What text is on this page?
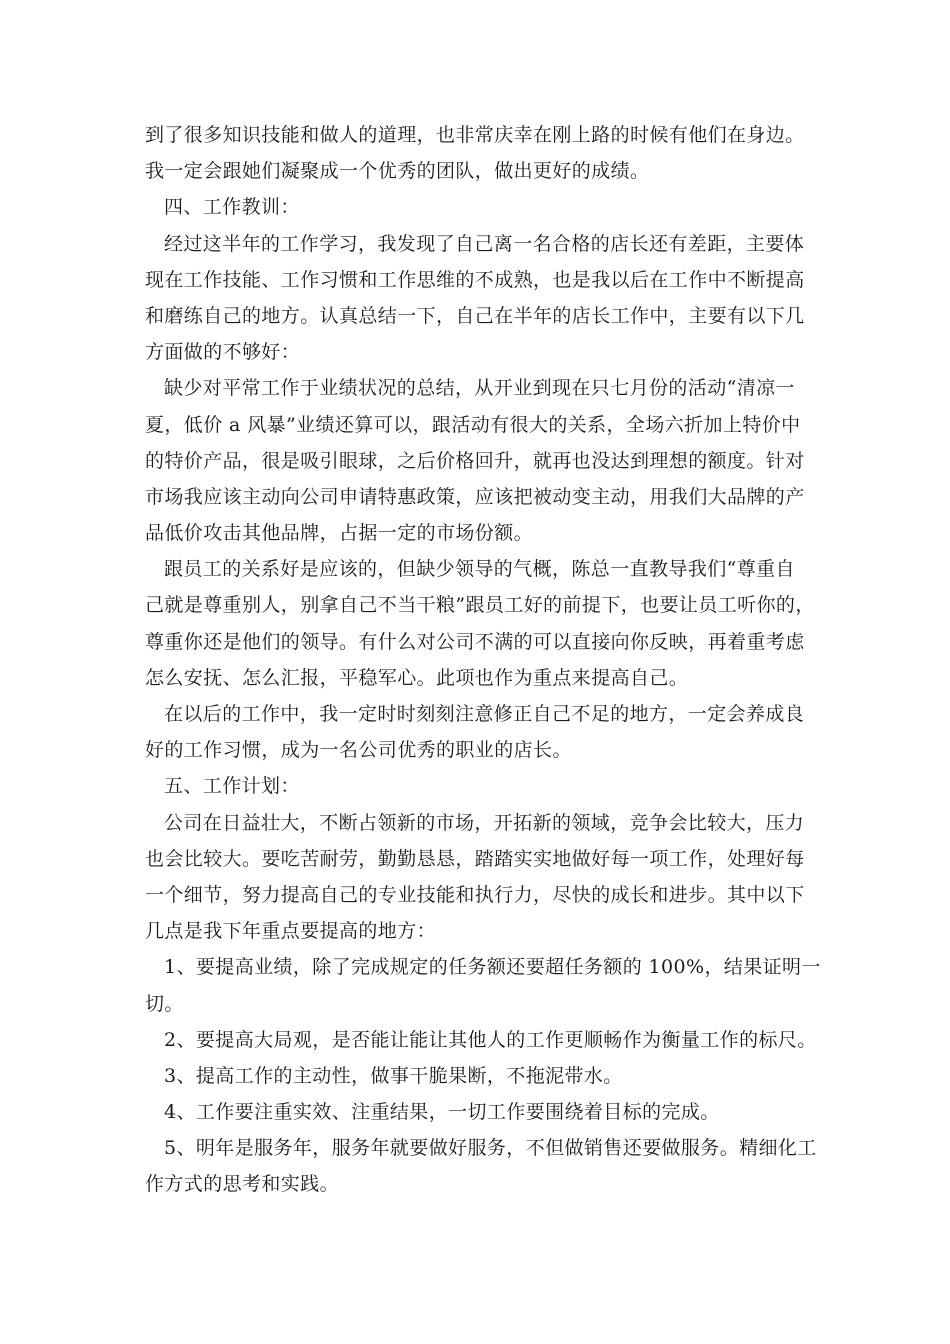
到了很多知识技能和做人的道理，也非常庆幸在刚上路的时候有他们在身边。
我一定会跟她们凝聚成一个优秀的团队，做出更好的成绩。
四、工作教训：
经过这半年的工作学习，我发现了自己离一名合格的店长还有差距，主要体
现在工作技能、工作习惯和工作思维的不成熟，也是我以后在工作中不断提高
和磨练自己的地方。认真总结一下，自己在半年的店长工作中，主要有以下几
方面做的不够好：
缺少对平常工作于业绩状况的总结，从开业到现在只七月份的活动“清凉一
夏，低价 a 风暴”业绩还算可以，跟活动有很大的关系，全场六折加上特价中
的特价产品，很是吸引眼球，之后价格回升，就再也没达到理想的额度。针对
市场我应该主动向公司申请特惠政策，应该把被动变主动，用我们大品牌的产
品低价攻击其他品牌，占据一定的市场份额。
跟员工的关系好是应该的，但缺少领导的气概，陈总一直教导我们“尊重自
己就是尊重别人，别拿自己不当干粮”跟员工好的前提下，也要让员工听你的，
尊重你还是他们的领导。有什么对公司不满的可以直接向你反映，再着重考虑
怎么安抚、怎么汇报，平稳军心。此项也作为重点来提高自己。
在以后的工作中，我一定时时刻刻注意修正自己不足的地方，一定会养成良
好的工作习惯，成为一名公司优秀的职业的店长。
五、工作计划：
公司在日益壮大，不断占领新的市场，开拓新的领域，竞争会比较大，压力
也会比较大。要吃苦耐劳，勤勤恳恳，踏踏实实地做好每一项工作，处理好每
一个细节，努力提高自己的专业技能和执行力，尽快的成长和进步。其中以下
几点是我下年重点要提高的地方：
1、要提高业绩，除了完成规定的任务额还要超任务额的 100%，结果证明一
切。
2、要提高大局观，是否能让能让其他人的工作更顺畅作为衡量工作的标尺。
3、提高工作的主动性，做事干脆果断，不拖泥带水。
4、工作要注重实效、注重结果，一切工作要围绕着目标的完成。
5、明年是服务年，服务年就要做好服务，不但做销售还要做服务。精细化工
作方式的思考和实践。
